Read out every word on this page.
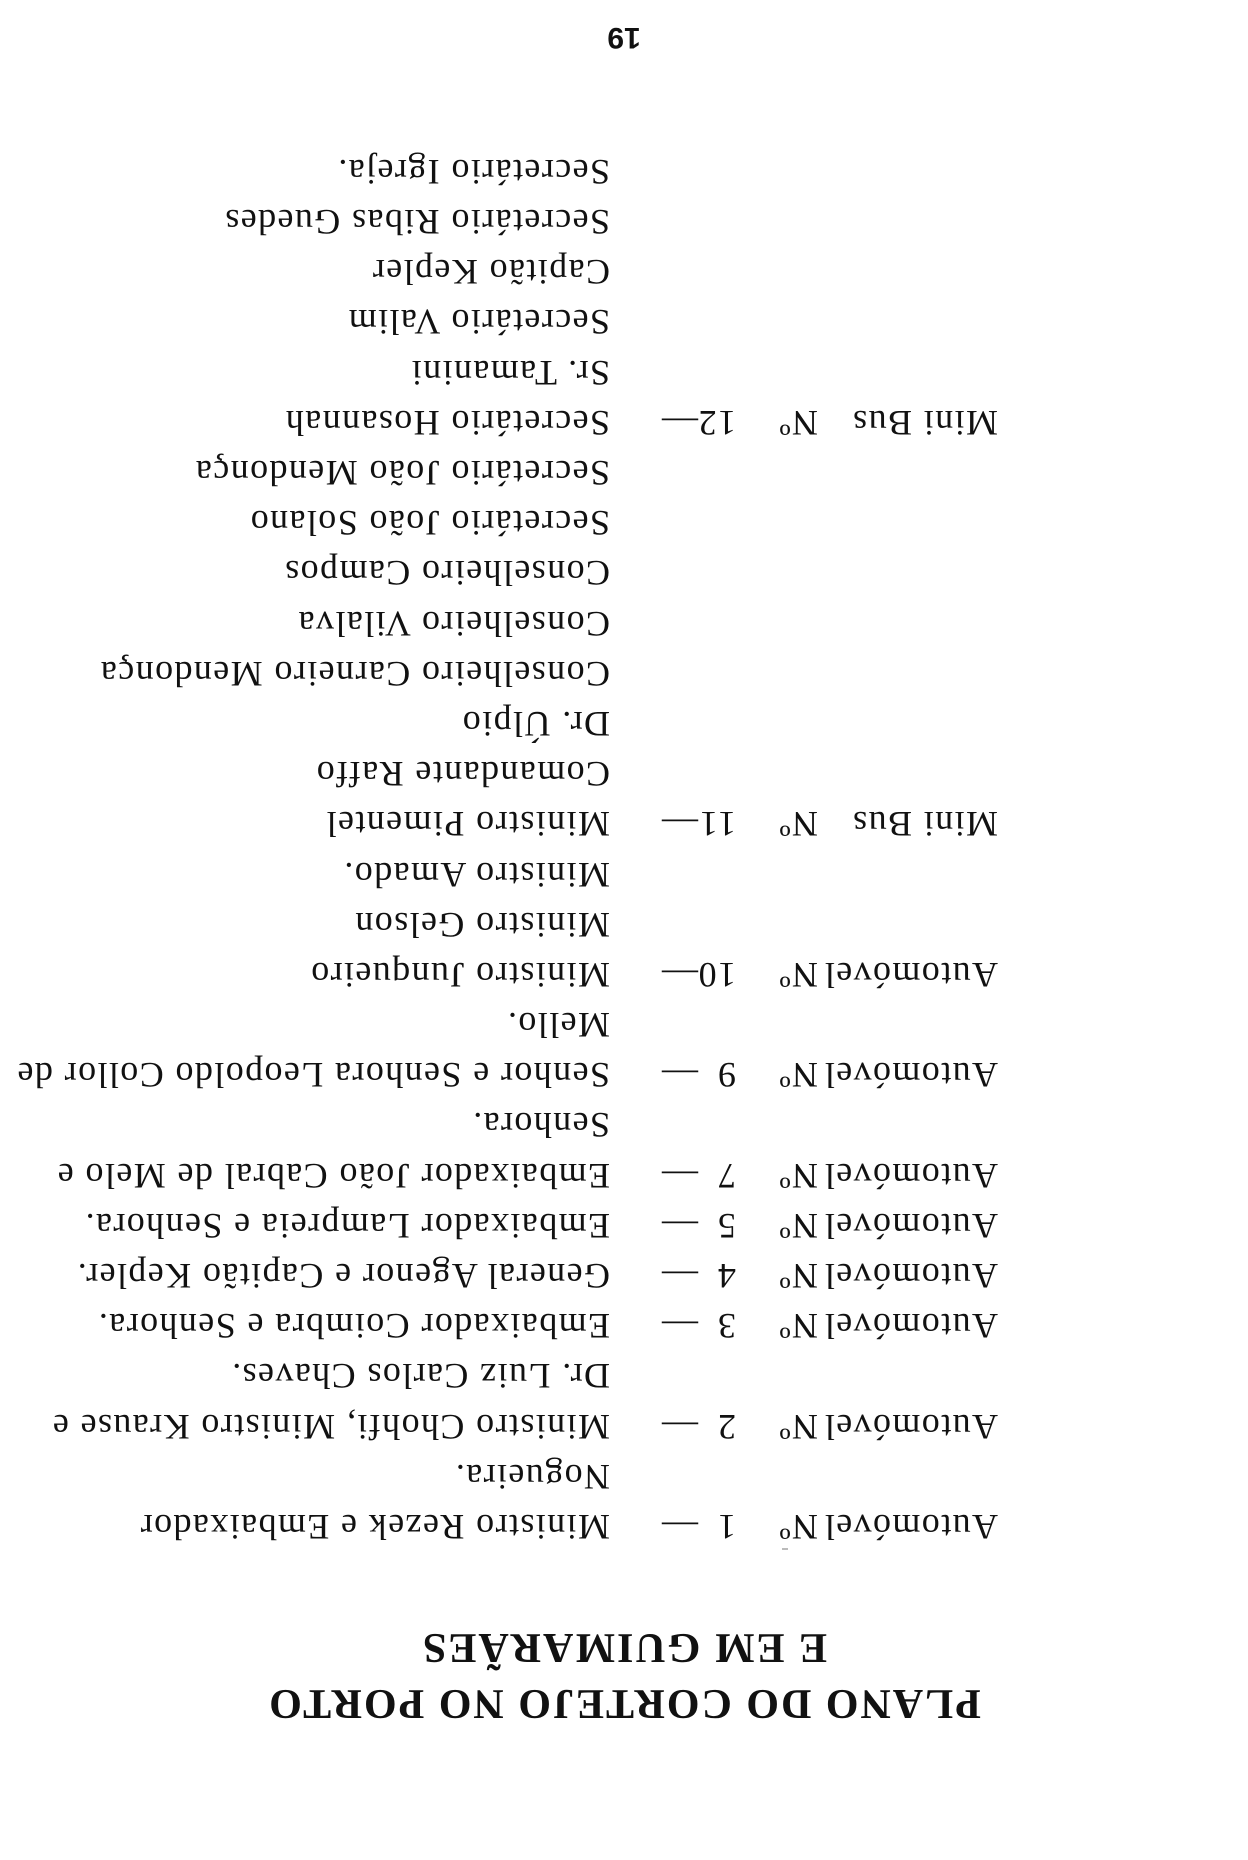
PLANO DO CORTEJO NO PORTO
E EM GUIMARÃES
Automóvel
Nº
1
—
Ministro Rezek e Embaixador
Nogueira.
Automóvel
Nº
2
—
Ministro Chohfi, Ministro Krause e
Dr. Luiz Carlos Chaves.
Automóvel
Nº
3
—
Embaixador Coimbra e Senhora.
Automóvel
Nº
4
—
General Agenor e Capitão Kepler.
Automóvel
Nº
5
—
Embaixador Lampreia e Senhora.
Automóvel
Nº
7
—
Embaixador João Cabral de Melo e
Senhora.
Automóvel
Nº
9
—
Senhor e Senhora Leopoldo Collor de
Mello.
Automóvel
Nº
10
—
Ministro Junqueiro
Ministro Gelson
Ministro Amado.
Mini Bus
Nº
11
—
Ministro Pimentel
Comandante Raffo
Dr. Úlpio
Conselheiro Carneiro Mendonça
Conselheiro Vilalva
Conselheiro Campos
Secretário João Solano
Secretário João Mendonça
Mini Bus
Nº
12
—
Secretário Hosannah
Sr. Tamanini
Secretário Valim
Capitão Kepler
Secretário Ribas Guedes
Secretário Igreja.
19
